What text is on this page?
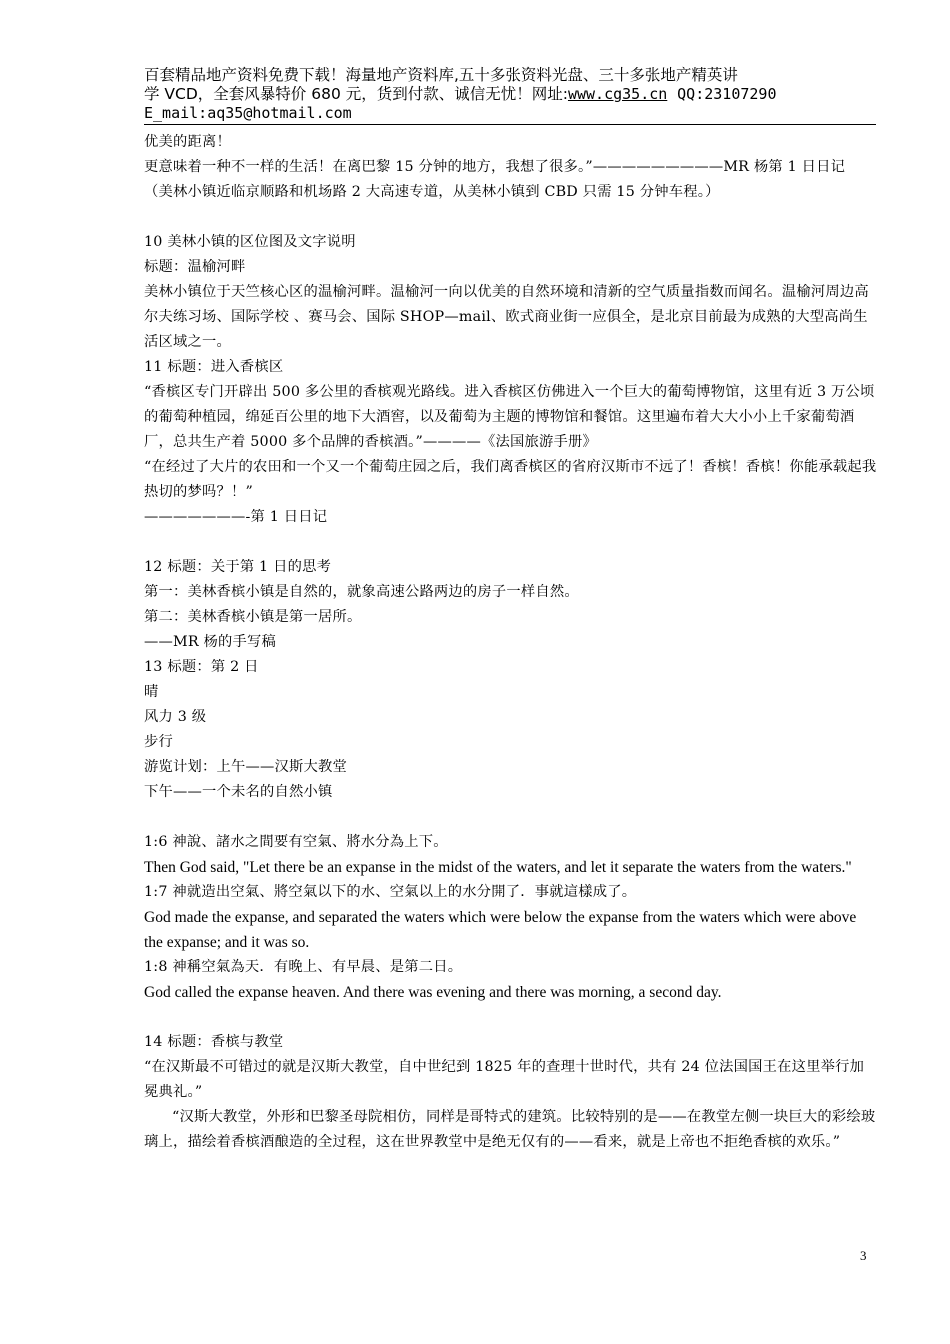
百套精品地产资料免费下载！海量地产资料库,五十多张资料光盘、三十多张地产精英讲
学 VCD，全套风暴特价 680 元，货到付款、诚信无忧！网址:www.cg35.cn QQ:23107290
E_mail:aq35@hotmail.com

优美的距离！

更意味着一种不一样的生活！在离巴黎 15 分钟的地方，我想了很多。”—————————MR 杨第 1 日日记

（美林小镇近临京顺路和机场路 2 大高速专道，从美林小镇到 CBD 只需 15 分钟车程。）

10 美林小镇的区位图及文字说明

标题：温榆河畔

美林小镇位于天竺核心区的温榆河畔。温榆河一向以优美的自然环境和清新的空气质量指数而闻名。温榆河周边高尔夫练习场、国际学校 、赛马会、国际 SHOP—mail、欧式商业街一应俱全，是北京目前最为成熟的大型高尚生活区域之一。

11 标题：进入香槟区

“香槟区专门开辟出 500 多公里的香槟观光路线。进入香槟区仿佛进入一个巨大的葡萄博物馆，这里有近 3 万公顷的葡萄种植园，绵延百公里的地下大酒窖，以及葡萄为主题的博物馆和餐馆。这里遍布着大大小小上千家葡萄酒厂，总共生产着 5000 多个品牌的香槟酒。”————《法国旅游手册》

“在经过了大片的农田和一个又一个葡萄庄园之后，我们离香槟区的省府汉斯市不远了！香槟！香槟！你能承载起我热切的梦吗？！”

———————-第 1 日日记

12 标题：关于第 1 日的思考

第一：美林香槟小镇是自然的，就象高速公路两边的房子一样自然。

第二：美林香槟小镇是第一居所。

——MR 杨的手写稿

13 标题：第 2 日

晴

风力 3 级

步行

游览计划：上午——汉斯大教堂

下午——一个未名的自然小镇

1:6 神說、諸水之間要有空氣、將水分為上下。

Then God said, "Let there be an expanse in the midst of the waters, and let it separate the waters from the waters."

1:7 神就造出空氣、將空氣以下的水、空氣以上的水分開了．事就這樣成了。

God made the expanse, and separated the waters which were below the expanse from the waters which were above the expanse; and it was so.

1:8 神稱空氣為天．有晚上、有早晨、是第二日。

God called the expanse heaven. And there was evening and there was morning, a second day.

14 标题：香槟与教堂

“在汉斯最不可错过的就是汉斯大教堂，自中世纪到 1825 年的查理十世时代，共有 24 位法国国王在这里举行加冕典礼。”

“汉斯大教堂，外形和巴黎圣母院相仿，同样是哥特式的建筑。比较特别的是——在教堂左侧一块巨大的彩绘玻璃上，描绘着香槟酒酿造的全过程，这在世界教堂中是绝无仅有的——看来，就是上帝也不拒绝香槟的欢乐。”

3
